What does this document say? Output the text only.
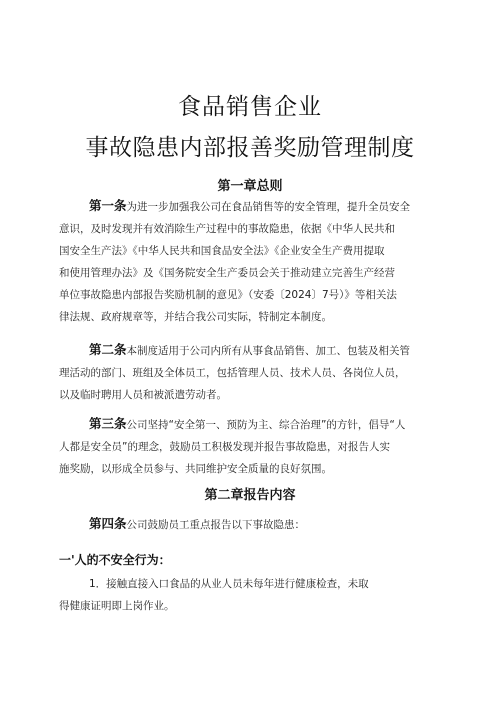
食品销售企业
事故隐患内部报善奖励管理制度
第一章总则
第一条为进一步加强我公司在食品销售等的安全管理，提升全员安全
意识，及时发现并有效消除生产过程中的事故隐患，依据《中华人民共和
国安全生产法》《中华人民共和国食品安全法》《企业安全生产费用提取
和使用管理办法》及《国务院安全生产委员会关于推动建立完善生产经营
单位事故隐患内部报告奖励机制的意见》（安委〔2024〕7号）》等相关法
律法规、政府规章等，并结合我公司实际，特制定本制度。
第二条本制度适用于公司内所有从事食品销售、加工、包装及相关管
理活动的部门、班组及全体员工，包括管理人员、技术人员、各岗位人员，
以及临时聘用人员和被派遣劳动者。
第三条公司坚持“安全第一、预防为主、综合治理”的方针，倡导“人
人都是安全员”的理念，鼓励员工积极发现并报告事故隐患，对报告人实
施奖励，以形成全员参与、共同维护安全质量的良好氛围。
第二章报告内容
第四条公司鼓励员工重点报告以下事故隐患：
一'人的不安全行为：
1．接触直接入口食品的从业人员未每年进行健康检查，未取
得健康证明即上岗作业。
